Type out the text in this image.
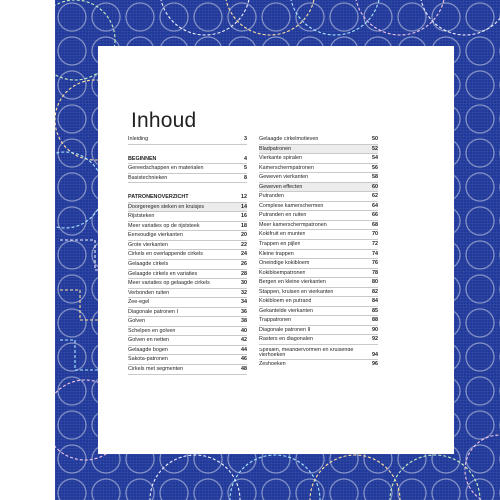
Inhoud
Inleiding	3
BEGINNEN	4
Gereedschappen en materialen	5
Basistechnieken	8
PATRONENOVERZICHT	12
Doorgeregen steken en kruisjes	14
Rijststeken	16
Meer variaties op de rijststeek	18
Eenvoudige vierkanten	20
Grote vierkanten	22
Cirkels en overlappende cirkels	24
Gelaagde cirkels	26
Gelaagde cirkels en variaties	28
Meer variaties op gelaagde cirkels	30
Verbonden ruiten	32
Zee-egel	34
Diagonale patronen I	36
Golven	38
Schelpen en golven	40
Golven en netten	42
Gelaagde bogen	44
Sakota-patronen	46
Cirkels met segmenten	48
Gelaagde cirkelmotieven	50
Bladpatronen	52
Vierkante spiralen	54
Kamerschermpatronen	56
Geweven vierkanten	58
Geweven effecten	60
Putranden	62
Complexe kamerschermen	64
Putranden en ruiten	66
Meer kamerschermpatronen	68
Kokifruit en munten	70
Trappen en pijlen	72
Kleine trappen	74
Oneindige kokibloem	76
Kokibloempatronen	78
Bergen en kleine vierkanten	80
Stappen, kruisen en vierkanten	82
Kokibloem en putrand	84
Gekantelde vierkanten	85
Trappatronen	88
Diagonale patronen II	90
Rasters en diagonalen	92
Spiralen, meandervormen en kruisende vierhoeken	94
Zeshoeken	96
